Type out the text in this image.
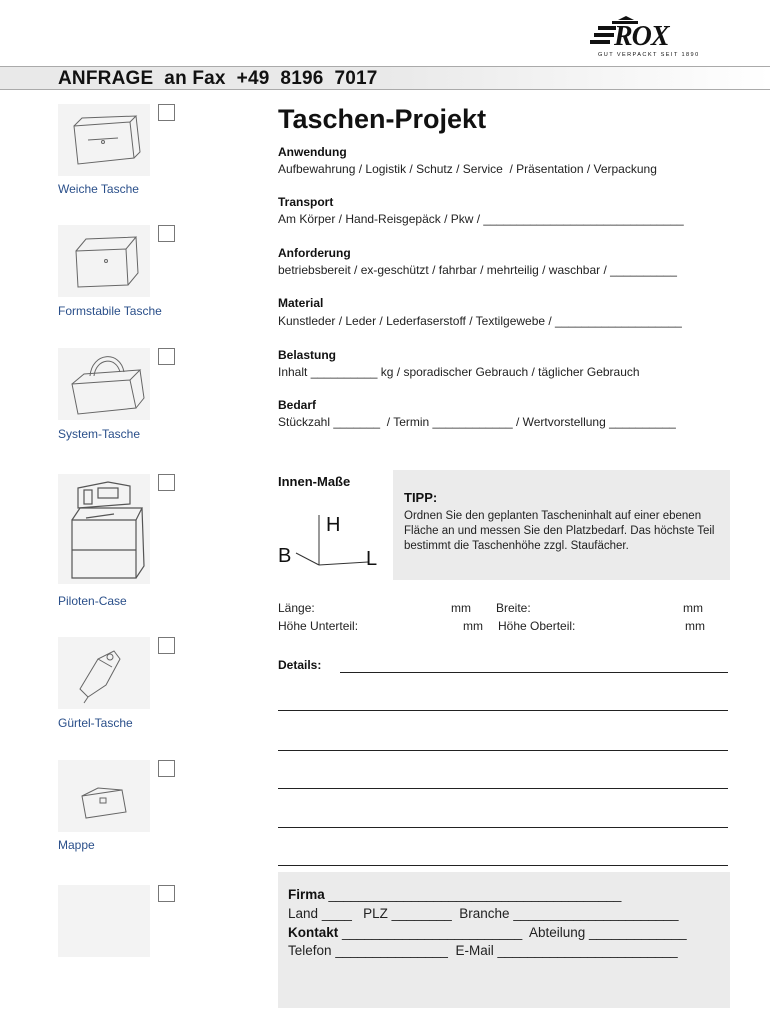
ROX
GUT VERPACKT SEIT 1890
ANFRAGE  an Fax  +49  8196  7017
Weiche Tasche
Formstabile Tasche
System-Tasche
Piloten-Case
Gürtel-Tasche
Mappe
Taschen-Projekt
Anwendung
Aufbewahrung / Logistik / Schutz / Service  / Präsentation / Verpackung
Transport
Am Körper / Hand-Reisgepäck / Pkw / ______________________________
Anforderung
betriebsbereit / ex-geschützt / fahrbar / mehrteilig / waschbar / __________
Material
Kunstleder / Leder / Lederfaserstoff / Textilgewebe / ___________________
Belastung
Inhalt __________ kg / sporadischer Gebrauch / täglicher Gebrauch
Bedarf
Stückzahl _______  / Termin ____________ / Wertvorstellung __________
Innen-Maße
H
B	L
TIPP:
Ordnen Sie den geplanten Tascheninhalt auf einer ebenen Fläche an und messen Sie den Platzbedarf. Das höchste Teil bestimmt die Taschenhöhe zzgl. Staufächer.
Länge:	mm Breite:	mm
Höhe Unterteil:	mm Höhe Oberteil:	mm
Details:
Firma _______________________________________
Land ____ PLZ ________ Branche ______________________
Kontakt ________________________ Abteilung _____________
Telefon _______________ E-Mail ________________________
